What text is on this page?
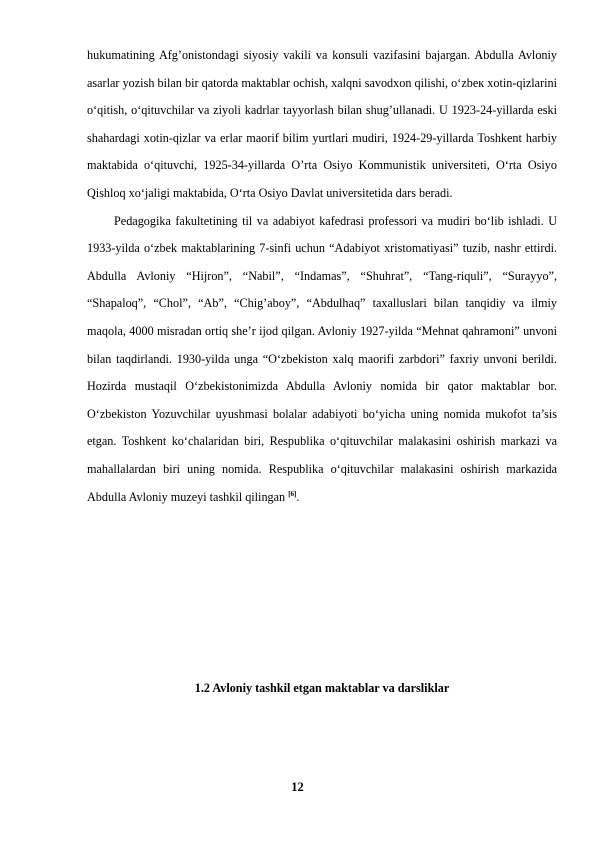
hukumatining Afg’onistondagi siyosiy vakili va konsuli vazifasini bajargan. Abdulla Avloniy asarlar yozish bilan bir qatorda maktablar ochish, xalqni savodxon qilishi, o‘zbeк xotin-qizlarini o‘qitish, o‘qituvchilar va ziyoli kadrlar tayyorlash bilan shug’ullanadi. U 1923-24-yillarda eski shahardagi xotin-qizlar va erlar maorif bilim yurtlari mudiri, 1924-29-yillarda Toshkent harbiy maktabida o‘qituvchi, 1925-34-yillarda O’rta Osiyo Kommunistik universiteti, O‘rta Osiyo Qishloq xo‘jaligi maktabida, O‘rta Osiyo Davlat universitetida dars beradi.

Pedagogika fakultetining til va adabiyot kafedrasi professori va mudiri bo‘lib ishladi. U 1933-yilda o‘zbek maktablarining 7-sinfi uchun “Adabiyot xristomatiyasi” tuzib, nashr ettirdi. Abdulla Avloniy “Hijron”, “Nabil”, “Indamas”, “Shuhrat”, “Tang-riquli”, “Surayyo”, “Shapaloq”, “Chol”, “Ab”, “Chig’aboy”, “Abdulhaq” taxalluslari bilan tanqidiy va ilmiy maqola, 4000 misradan ortiq she’r ijod qilgan. Avloniy 1927-yilda “Mehnat qahramoni” unvoni bilan taqdirlandi. 1930-yilda unga “O‘zbekiston xalq maorifi zarbdori” faxriy unvoni berildi. Hozirda mustaqil O‘zbekistonimizda Abdulla Avloniy nomida bir qator maktablar bor. O‘zbekiston Yozuvchilar uyushmasi bolalar adabiyoti bo‘yicha uning nomida mukofot ta’sis etgan. Toshkent ko‘chalaridan biri, Respublika o‘qituvchilar malakasini oshirish markazi va mahallalardan biri uning nomida. Respublika o‘qituvchilar malakasini oshirish markazida Abdulla Avloniy muzeyi tashkil qilingan [6].

1.2 Avloniy tashkil etgan maktablar va darsliklar
12
